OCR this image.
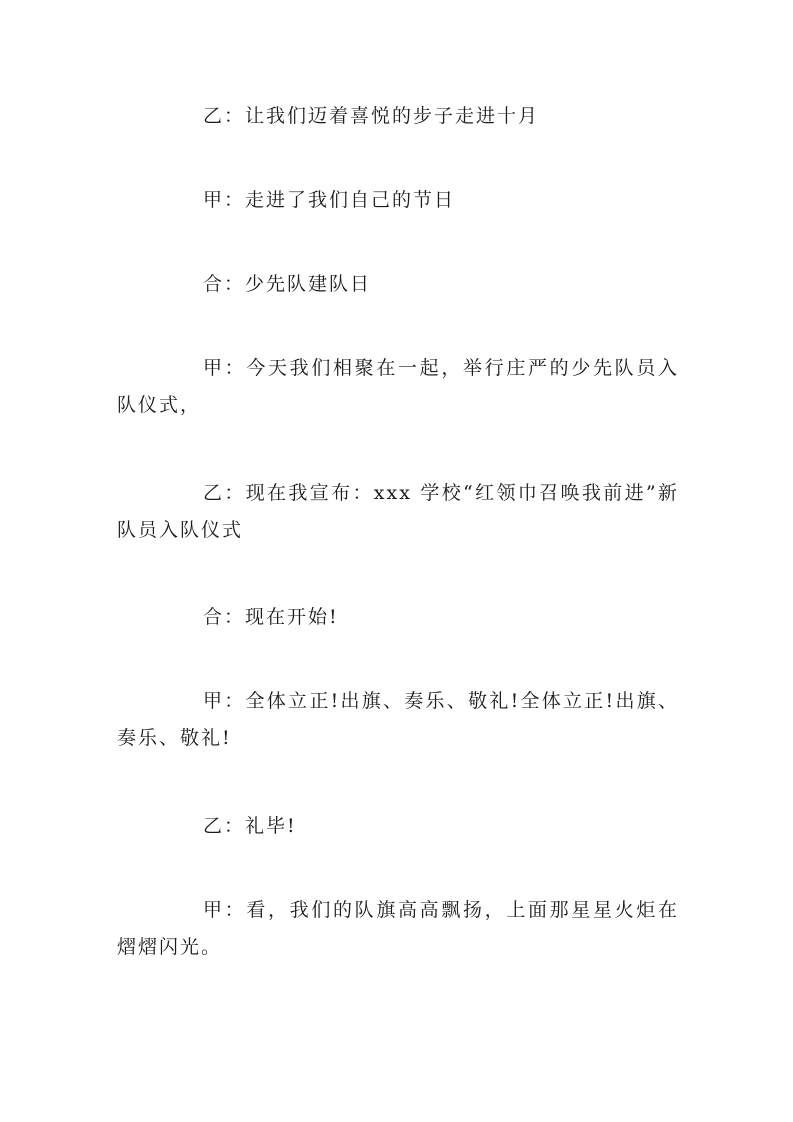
乙：让我们迈着喜悦的步子走进十月

甲：走进了我们自己的节日

合：少先队建队日

甲：今天我们相聚在一起，举行庄严的少先队员入队仪式，

乙：现在我宣布：xxx 学校“红领巾召唤我前进”新队员入队仪式

合：现在开始!

甲：全体立正!出旗、奏乐、敬礼!全体立正!出旗、奏乐、敬礼!

乙：礼毕!

甲：看，我们的队旗高高飘扬，上面那星星火炬在熠熠闪光。
